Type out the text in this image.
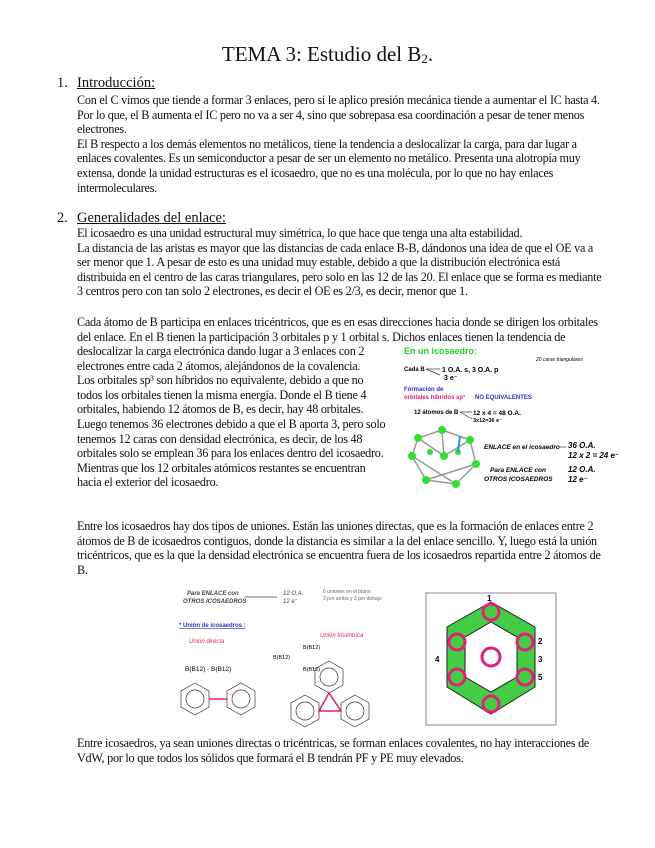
TEMA 3: Estudio del $B_2$.
1. Introducción:
Con el C vimos que tiende a formar 3 enlaces, pero si le aplico presión mecánica tiende a aumentar el IC hasta 4.
Por lo que, el B aumenta el IC pero no va a ser 4, sino que sobrepasa esa coordinación a pesar de tener menos
electrones.
El B respecto a los demás elementos no metálicos, tiene la tendencia a deslocalizar la carga, para dar lugar a
enlaces covalentes. Es un semiconductor a pesar de ser un elemento no metálico. Presenta una alotropía muy
extensa, donde la unidad estructuras es el icosaedro, que no es una molécula, por lo que no hay enlaces
intermoleculares.
2. Generalidades del enlace:
El icosaedro es una unidad estructural muy simétrica, lo que hace que tenga una alta estabilidad.
La distancia de las aristas es mayor que las distancias de cada enlace B-B, dándonos una idea de que el OE va a
ser menor que 1. A pesar de esto es una unidad muy estable, debido a que la distribución electrónica está
distribuida en el centro de las caras triangulares, pero solo en las 12 de las 20. El enlace que se forma es mediante
3 centros pero con tan solo 2 electrones, es decir el OE es 2/3, es decir, menor que 1.
Cada átomo de B participa en enlaces tricéntricos, que es en esas direcciones hacia donde se dirigen los orbitales
del enlace. En el B tienen la participación 3 orbitales p y 1 orbital s. Dichos enlaces tienen la tendencia de
deslocalizar la carga electrónica dando lugar a 3 enlaces con 2
electrones entre cada 2 átomos, alejándonos de la covalencia.
Los orbitales sp³ son híbridos no equivalente, debido a que no
todos los orbitales tienen la misma energía. Donde el B tiene 4
orbitales, habiendo 12 átomos de B, es decir, hay 48 orbitales.
Luego tenemos 36 electrones debido a que el B aporta 3, pero solo
tenemos 12 caras con densidad electrónica, es decir, de los 48
orbitales solo se emplean 36 para los enlaces dentro del icosaedro.
Mientras que los 12 orbitales atómicos restantes se encuentran
hacia el exterior del icosaedro.
En un icosaedro:
20 caras triangulares
Cada B 1 O.A. s, 3 O.A. p
3 e⁻
Formación de
orbitales híbridos sp³ NO EQUIVALENTES
12 átomos de B 12 x 4 = 48 O.A.
3x12=36 e⁻
ENLACE en el icosaedro 36 O.A.
12 x 2 = 24 e⁻
Para ENLACE con
OTROS ICOSAEDROS
12 O.A.
12 e⁻
Entre los icosaedros hay dos tipos de uniones. Están las uniones directas, que es la formación de enlaces entre 2
átomos de B de icosaedros contiguos, donde la distancia es similar a la del enlace sencillo. Y, luego está la unión
tricéntricos, que es la que la densidad electrónica se encuentra fuera de los icosaedros repartida entre 2 átomos de
B.
Para ENLACE con
OTROS ICOSAEDROS
12 O.A.
12 e⁻
6 uniones en el plano
3 por arriba y 3 por debajo
* Unión de icosaedros :
Unión directa
Unión tricéntrica
B(B12) - B(B12)
B(B12)
B(B12)
B(B12)
1
2
3
5
4
Entre icosaedros, ya sean uniones directas o tricéntricas, se forman enlaces covalentes, no hay interacciones de
VdW, por lo que todos los sólidos que formará el B tendrán PF y PE muy elevados.
